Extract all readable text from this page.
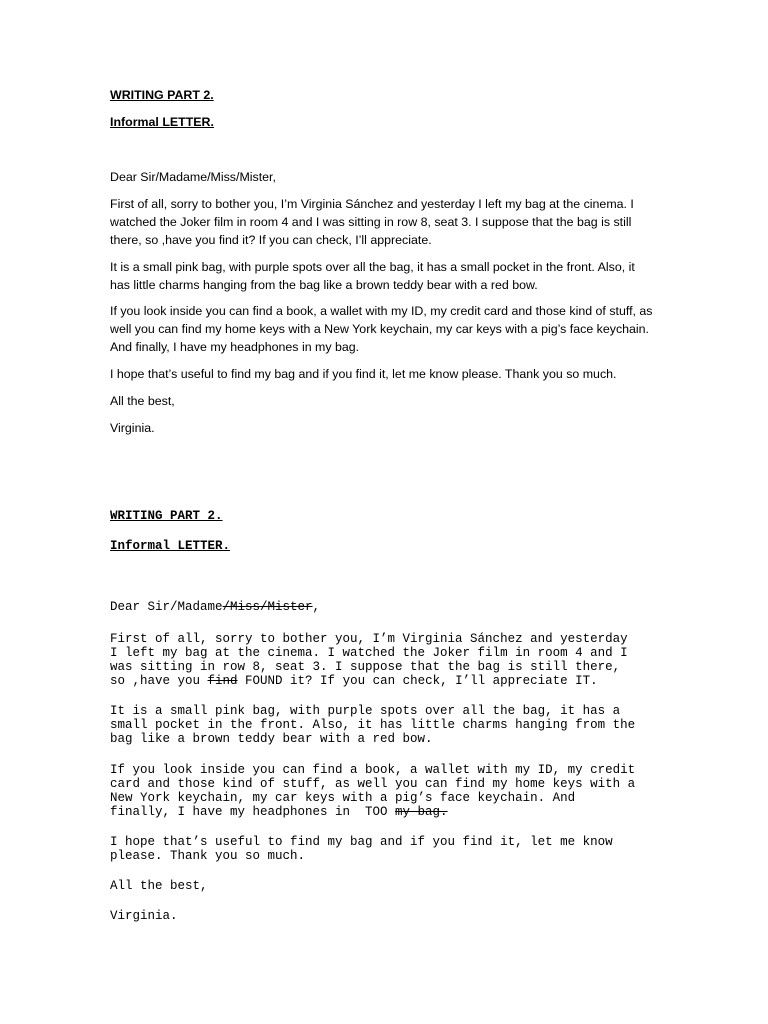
WRITING PART 2.

Informal LETTER.

Dear Sir/Madame/Miss/Mister,

First of all, sorry to bother you, I’m Virginia Sánchez and yesterday I left my bag at the cinema. I watched the Joker film in room 4 and I was sitting in row 8, seat 3. I suppose that the bag is still there, so ,have you find it? If you can check, I’ll appreciate.

It is a small pink bag, with purple spots over all the bag, it has a small pocket in the front. Also, it has little charms hanging from the bag like a brown teddy bear with a red bow.

If you look inside you can find a book, a wallet with my ID, my credit card and those kind of stuff, as well you can find my home keys with a New York keychain, my car keys with a pig’s face keychain. And finally, I have my headphones in my bag.

I hope that’s useful to find my bag and if you find it, let me know please. Thank you so much.

All the best,

Virginia.

WRITING PART 2.

Informal LETTER.

Dear Sir/Madame/Miss/Mister,

First of all, sorry to bother you, I’m Virginia Sánchez and yesterday

I left my bag at the cinema. I watched the Joker film in room 4 and I

was sitting in row 8, seat 3. I suppose that the bag is still there,

so ,have you find FOUND it? If you can check, I’ll appreciate IT.

It is a small pink bag, with purple spots over all the bag, it has a

small pocket in the front. Also, it has little charms hanging from the

bag like a brown teddy bear with a red bow.

If you look inside you can find a book, a wallet with my ID, my credit

card and those kind of stuff, as well you can find my home keys with a

New York keychain, my car keys with a pig’s face keychain. And

finally, I have my headphones in  TOO my bag.

I hope that’s useful to find my bag and if you find it, let me know

please. Thank you so much.

All the best,

Virginia.
